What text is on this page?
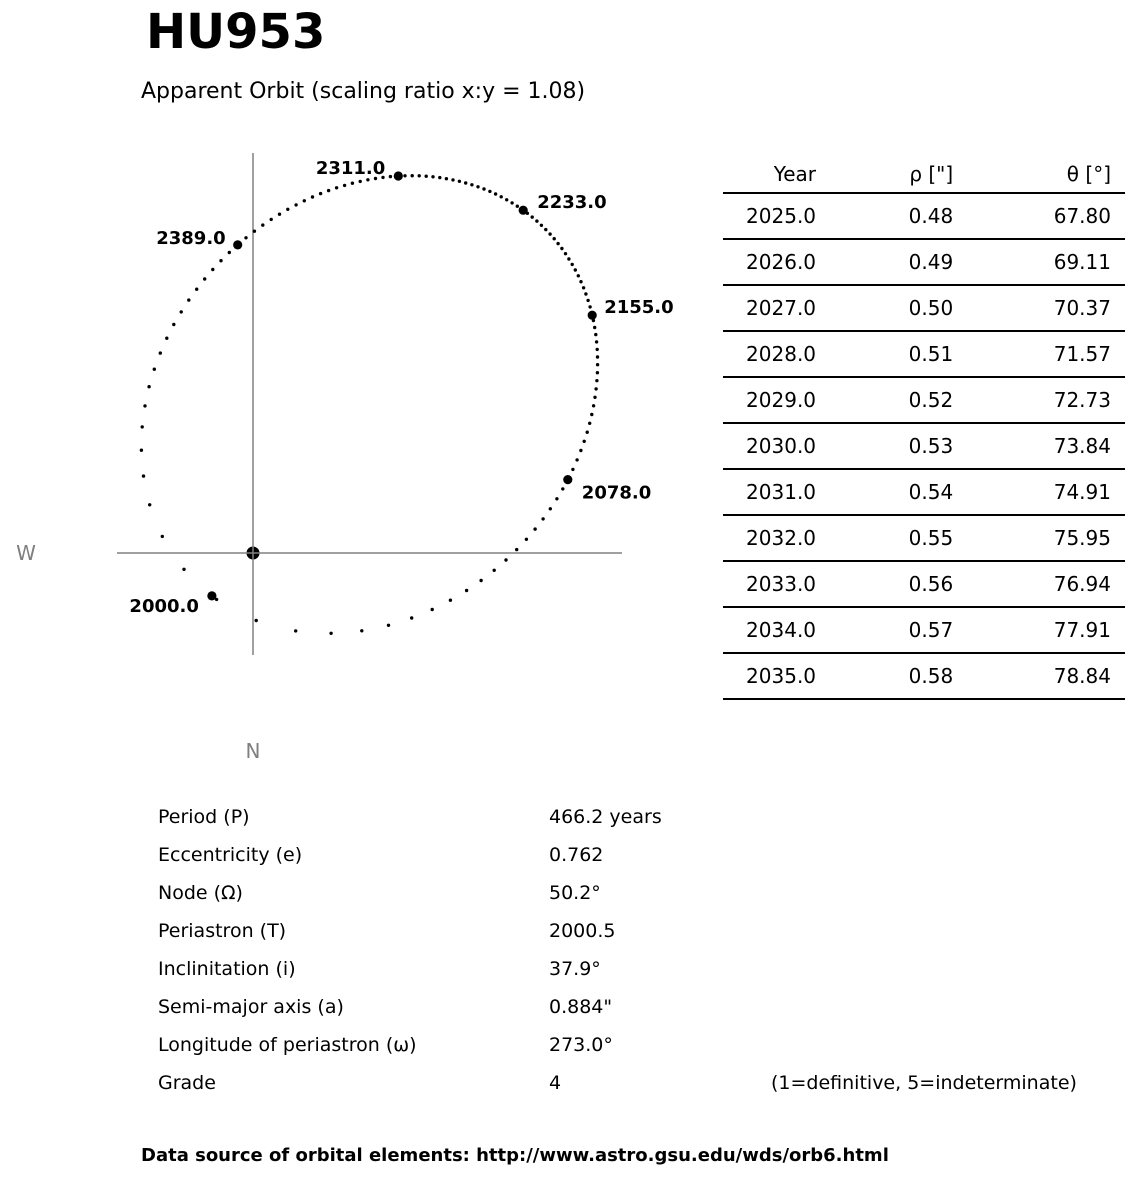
HU953
Apparent Orbit (scaling ratio x:y = 1.08)
2000.0
2078.0
2155.0
2233.0
2311.0
2389.0
W
N
Year	ρ ["]	θ [°]
2025.0	0.48	67.80
2026.0	0.49	69.11
2027.0	0.50	70.37
2028.0	0.51	71.57
2029.0	0.52	72.73
2030.0	0.53	73.84
2031.0	0.54	74.91
2032.0	0.55	75.95
2033.0	0.56	76.94
2034.0	0.57	77.91
2035.0	0.58	78.84
Period (P)	466.2 years
Eccentricity (e)	0.762
Node (Ω)	50.2°
Periastron (T)	2000.5
Inclinitation (i)	37.9°
Semi-major axis (a)	0.884"
Longitude of periastron (ω)	273.0°
Grade	4	(1=definitive, 5=indeterminate)
Data source of orbital elements: http://www.astro.gsu.edu/wds/orb6.html
